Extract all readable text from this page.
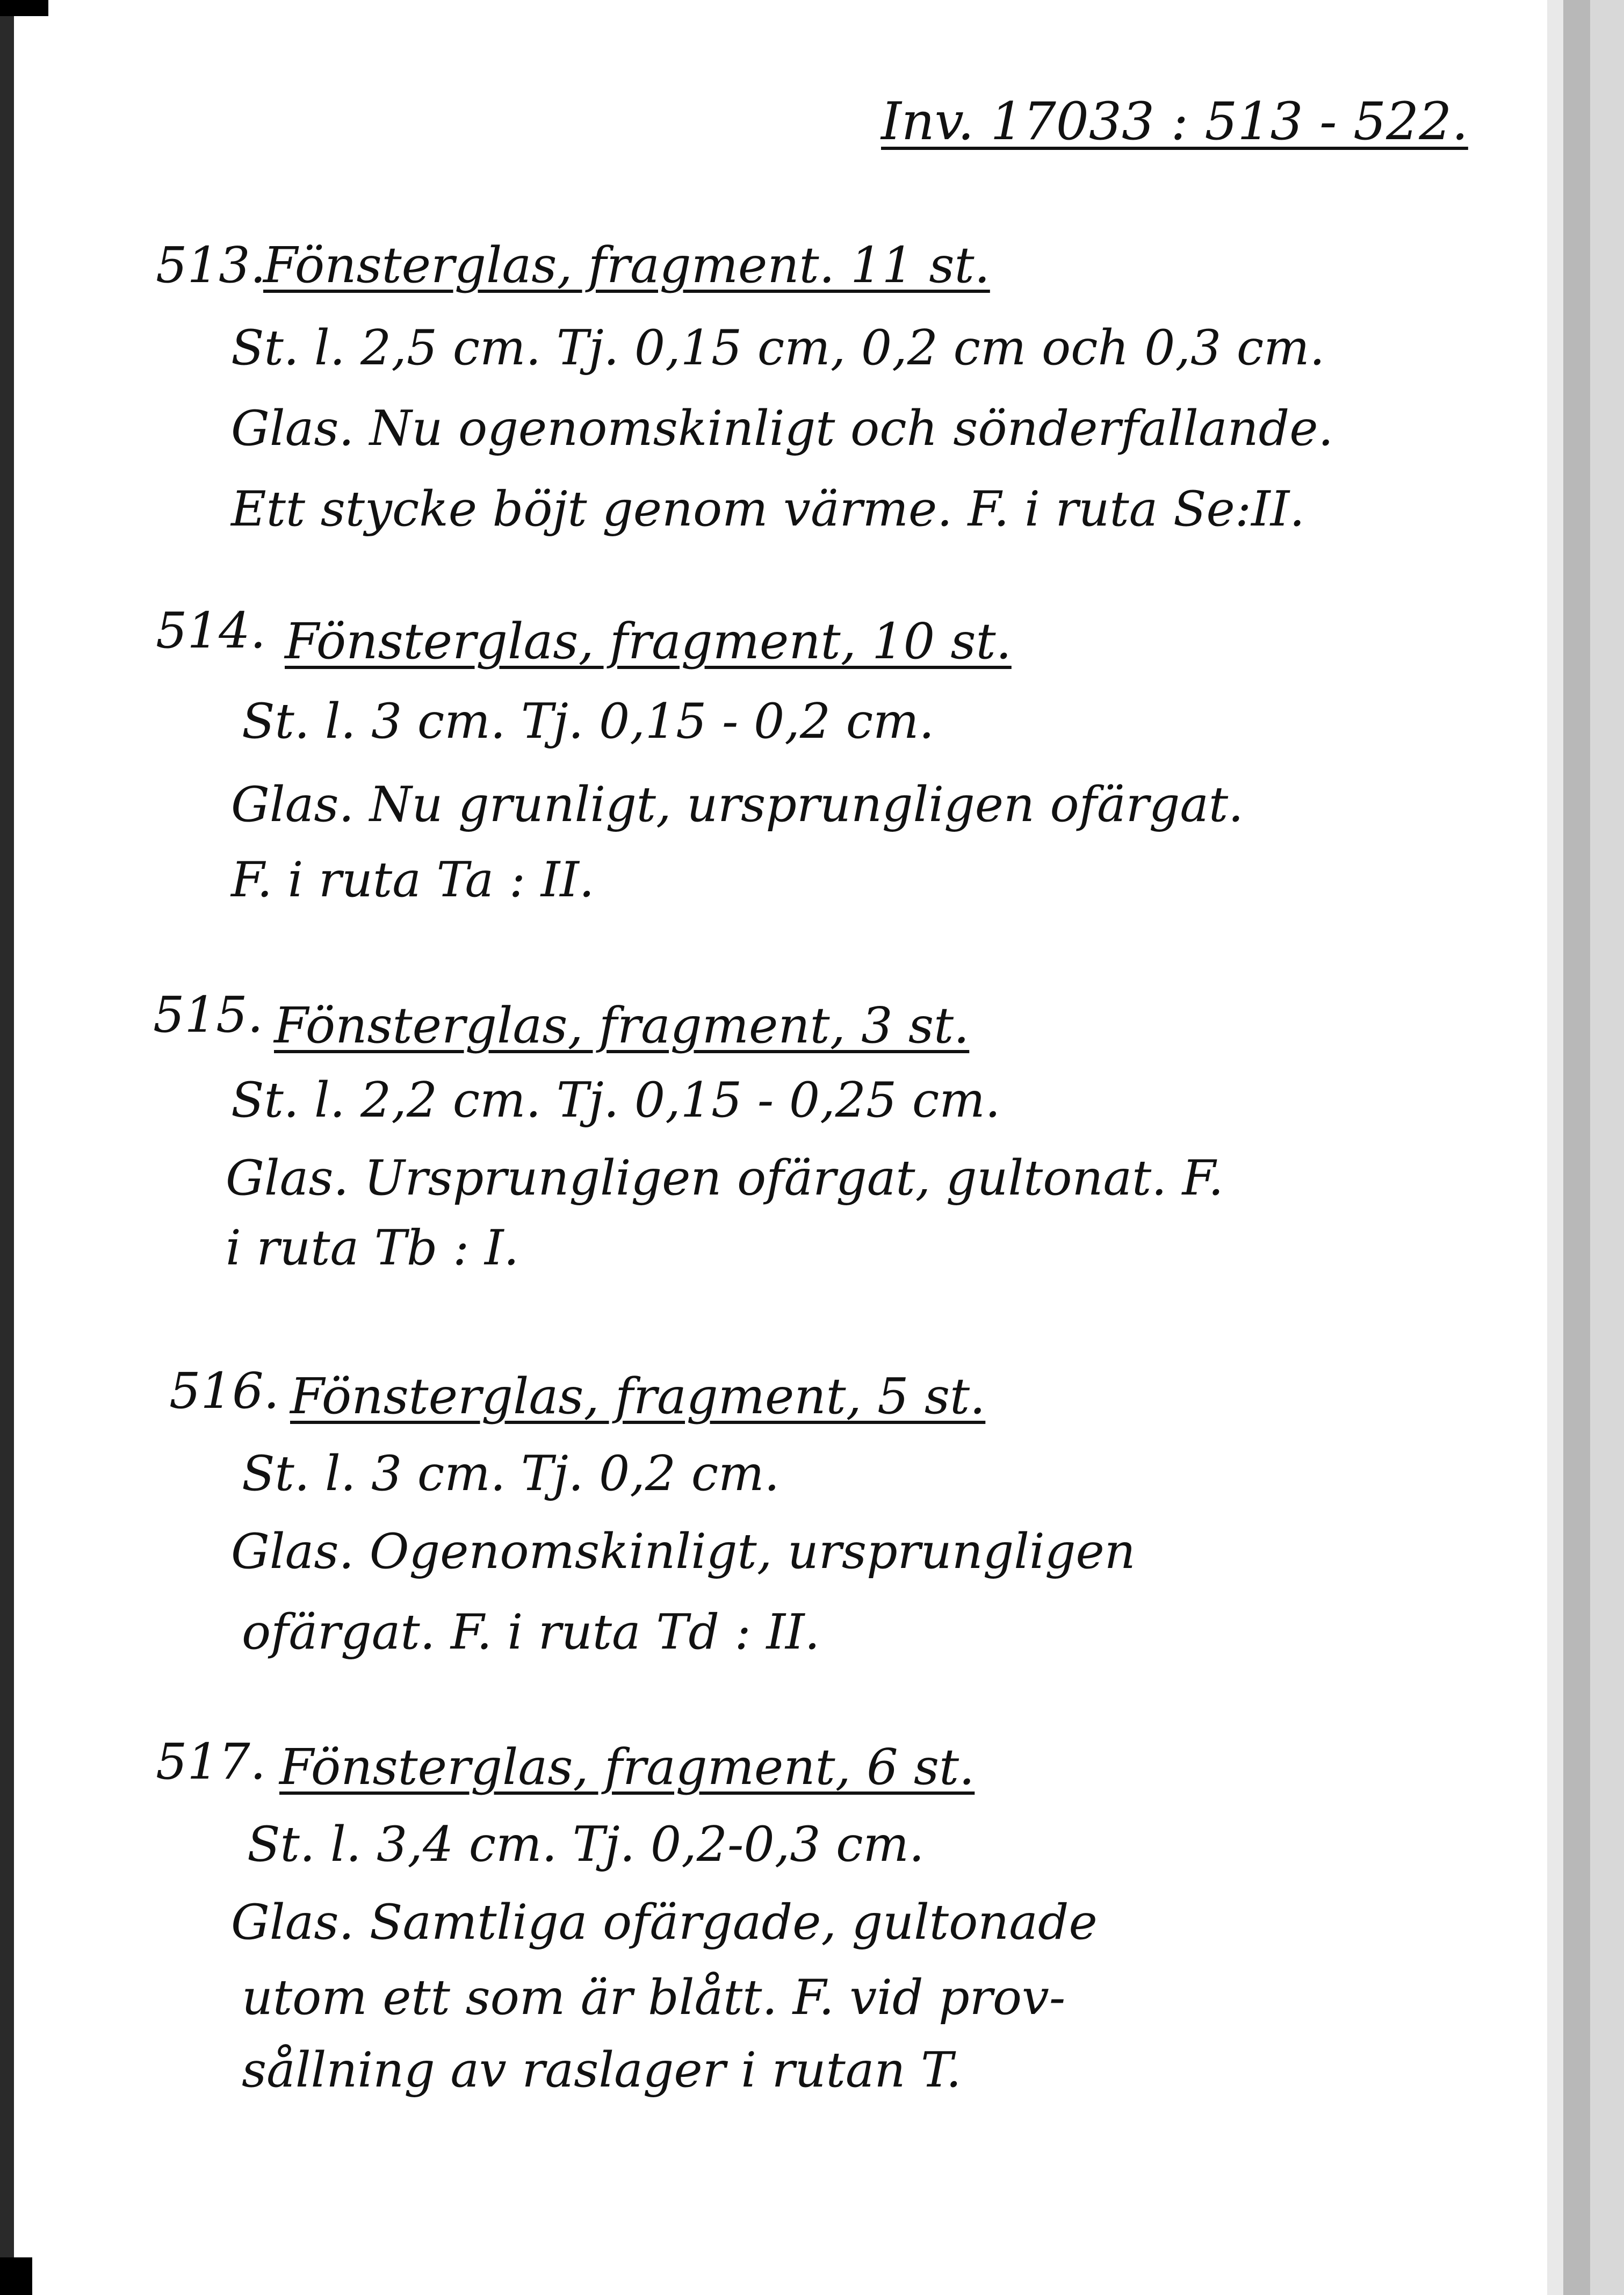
Inv. 17033 : 513 - 522.
513.
Fönsterglas, fragment. 11 st.
St. l. 2,5 cm. Tj. 0,15 cm, 0,2 cm och 0,3 cm.
Glas. Nu ogenomskinligt och sönderfallande.
Ett stycke böjt genom värme. F. i ruta Se:II.
514. Fönsterglas, fragment, 10 st.
St. l. 3 cm. Tj. 0,15 - 0,2 cm.
Glas. Nu grunligt, ursprungligen ofärgat.
F. i ruta Ta : II.
515. Fönsterglas, fragment, 3 st.
St. l. 2,2 cm. Tj. 0,15 - 0,25 cm.
Glas. Ursprungligen ofärgat, gultonat. F.
i ruta Tb : I.
516. Fönsterglas, fragment, 5 st.
St. l. 3 cm. Tj. 0,2 cm.
Glas. Ogenomskinligt, ursprungligen
ofärgat. F. i ruta Td : II.
517. Fönsterglas, fragment, 6 st.
St. l. 3,4 cm. Tj. 0,2-0,3 cm.
Glas. Samtliga ofärgade, gultonade
utom ett som är blått. F. vid prov-
sållning av raslager i rutan T.
